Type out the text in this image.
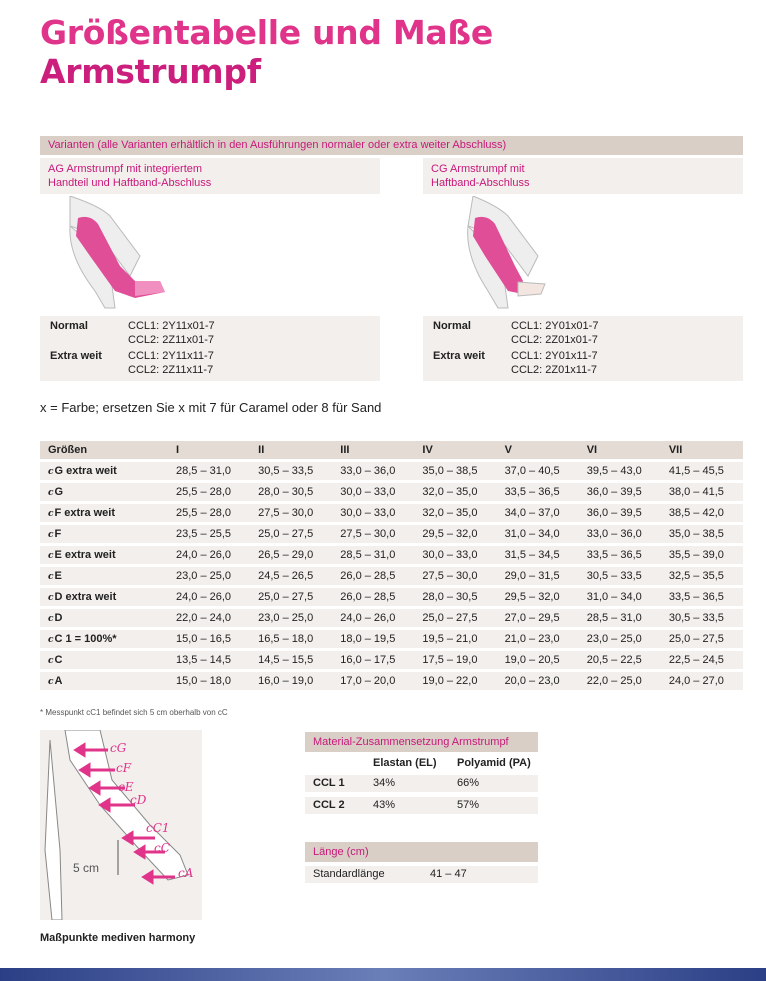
Größentabelle und Maße
Armstrumpf
Varianten (alle Varianten erhältlich in den Ausführungen normaler oder extra weiter Abschluss)
AG Armstrumpf mit integriertem
Handteil und Haftband-Abschluss
CG Armstrumpf mit
Haftband-Abschluss
Normal	CCL1: 2Y11x01-7
CCL2: 2Z11x01-7
Extra weit CCL1: 2Y11x11-7
CCL2: 2Z11x11-7
Normal	CCL1: 2Y01x01-7
CCL2: 2Z01x01-7
Extra weit CCL1: 2Y01x11-7
CCL2: 2Z01x11-7
x = Farbe; ersetzen Sie x mit 7 für Caramel oder 8 für Sand
Größen	I	II	III	IV	V	VI	VII
cG extra weit	28,5 – 31,0	30,5 – 33,5	33,0 – 36,0	35,0 – 38,5	37,0 – 40,5	39,5 – 43,0	41,5 – 45,5
cG	25,5 – 28,0	28,0 – 30,5	30,0 – 33,0	32,0 – 35,0	33,5 – 36,5	36,0 – 39,5	38,0 – 41,5
cF extra weit	25,5 – 28,0	27,5 – 30,0	30,0 – 33,0	32,0 – 35,0	34,0 – 37,0	36,0 – 39,5	38,5 – 42,0
cF	23,5 – 25,5	25,0 – 27,5	27,5 – 30,0	29,5 – 32,0	31,0 – 34,0	33,0 – 36,0	35,0 – 38,5
cE extra weit	24,0 – 26,0	26,5 – 29,0	28,5 – 31,0	30,0 – 33,0	31,5 – 34,5	33,5 – 36,5	35,5 – 39,0
cE	23,0 – 25,0	24,5 – 26,5	26,0 – 28,5	27,5 – 30,0	29,0 – 31,5	30,5 – 33,5	32,5 – 35,5
cD extra weit	24,0 – 26,0	25,0 – 27,5	26,0 – 28,5	28,0 – 30,5	29,5 – 32,0	31,0 – 34,0	33,5 – 36,5
cD	22,0 – 24,0	23,0 – 25,0	24,0 – 26,0	25,0 – 27,5	27,0 – 29,5	28,5 – 31,0	30,5 – 33,5
cC 1 = 100%*	15,0 – 16,5	16,5 – 18,0	18,0 – 19,5	19,5 – 21,0	21,0 – 23,0	23,0 – 25,0	25,0 – 27,5
cC	13,5 – 14,5	14,5 – 15,5	16,0 – 17,5	17,5 – 19,0	19,0 – 20,5	20,5 – 22,5	22,5 – 24,5
cA	15,0 – 18,0	16,0 – 19,0	17,0 – 20,0	19,0 – 22,0	20,0 – 23,0	22,0 – 25,0	24,0 – 27,0
* Messpunkt cC1 befindet sich 5 cm oberhalb von cC
cG
cF
cE
cD
cC1
cC
cA
5 cm
Maßpunkte mediven harmony
Material-Zusammensetzung Armstrumpf
Elastan (EL) Polyamid (PA)
CCL 1	34%	66%
CCL 2	43%	57%
Länge (cm)
Standardlänge	41 – 47
